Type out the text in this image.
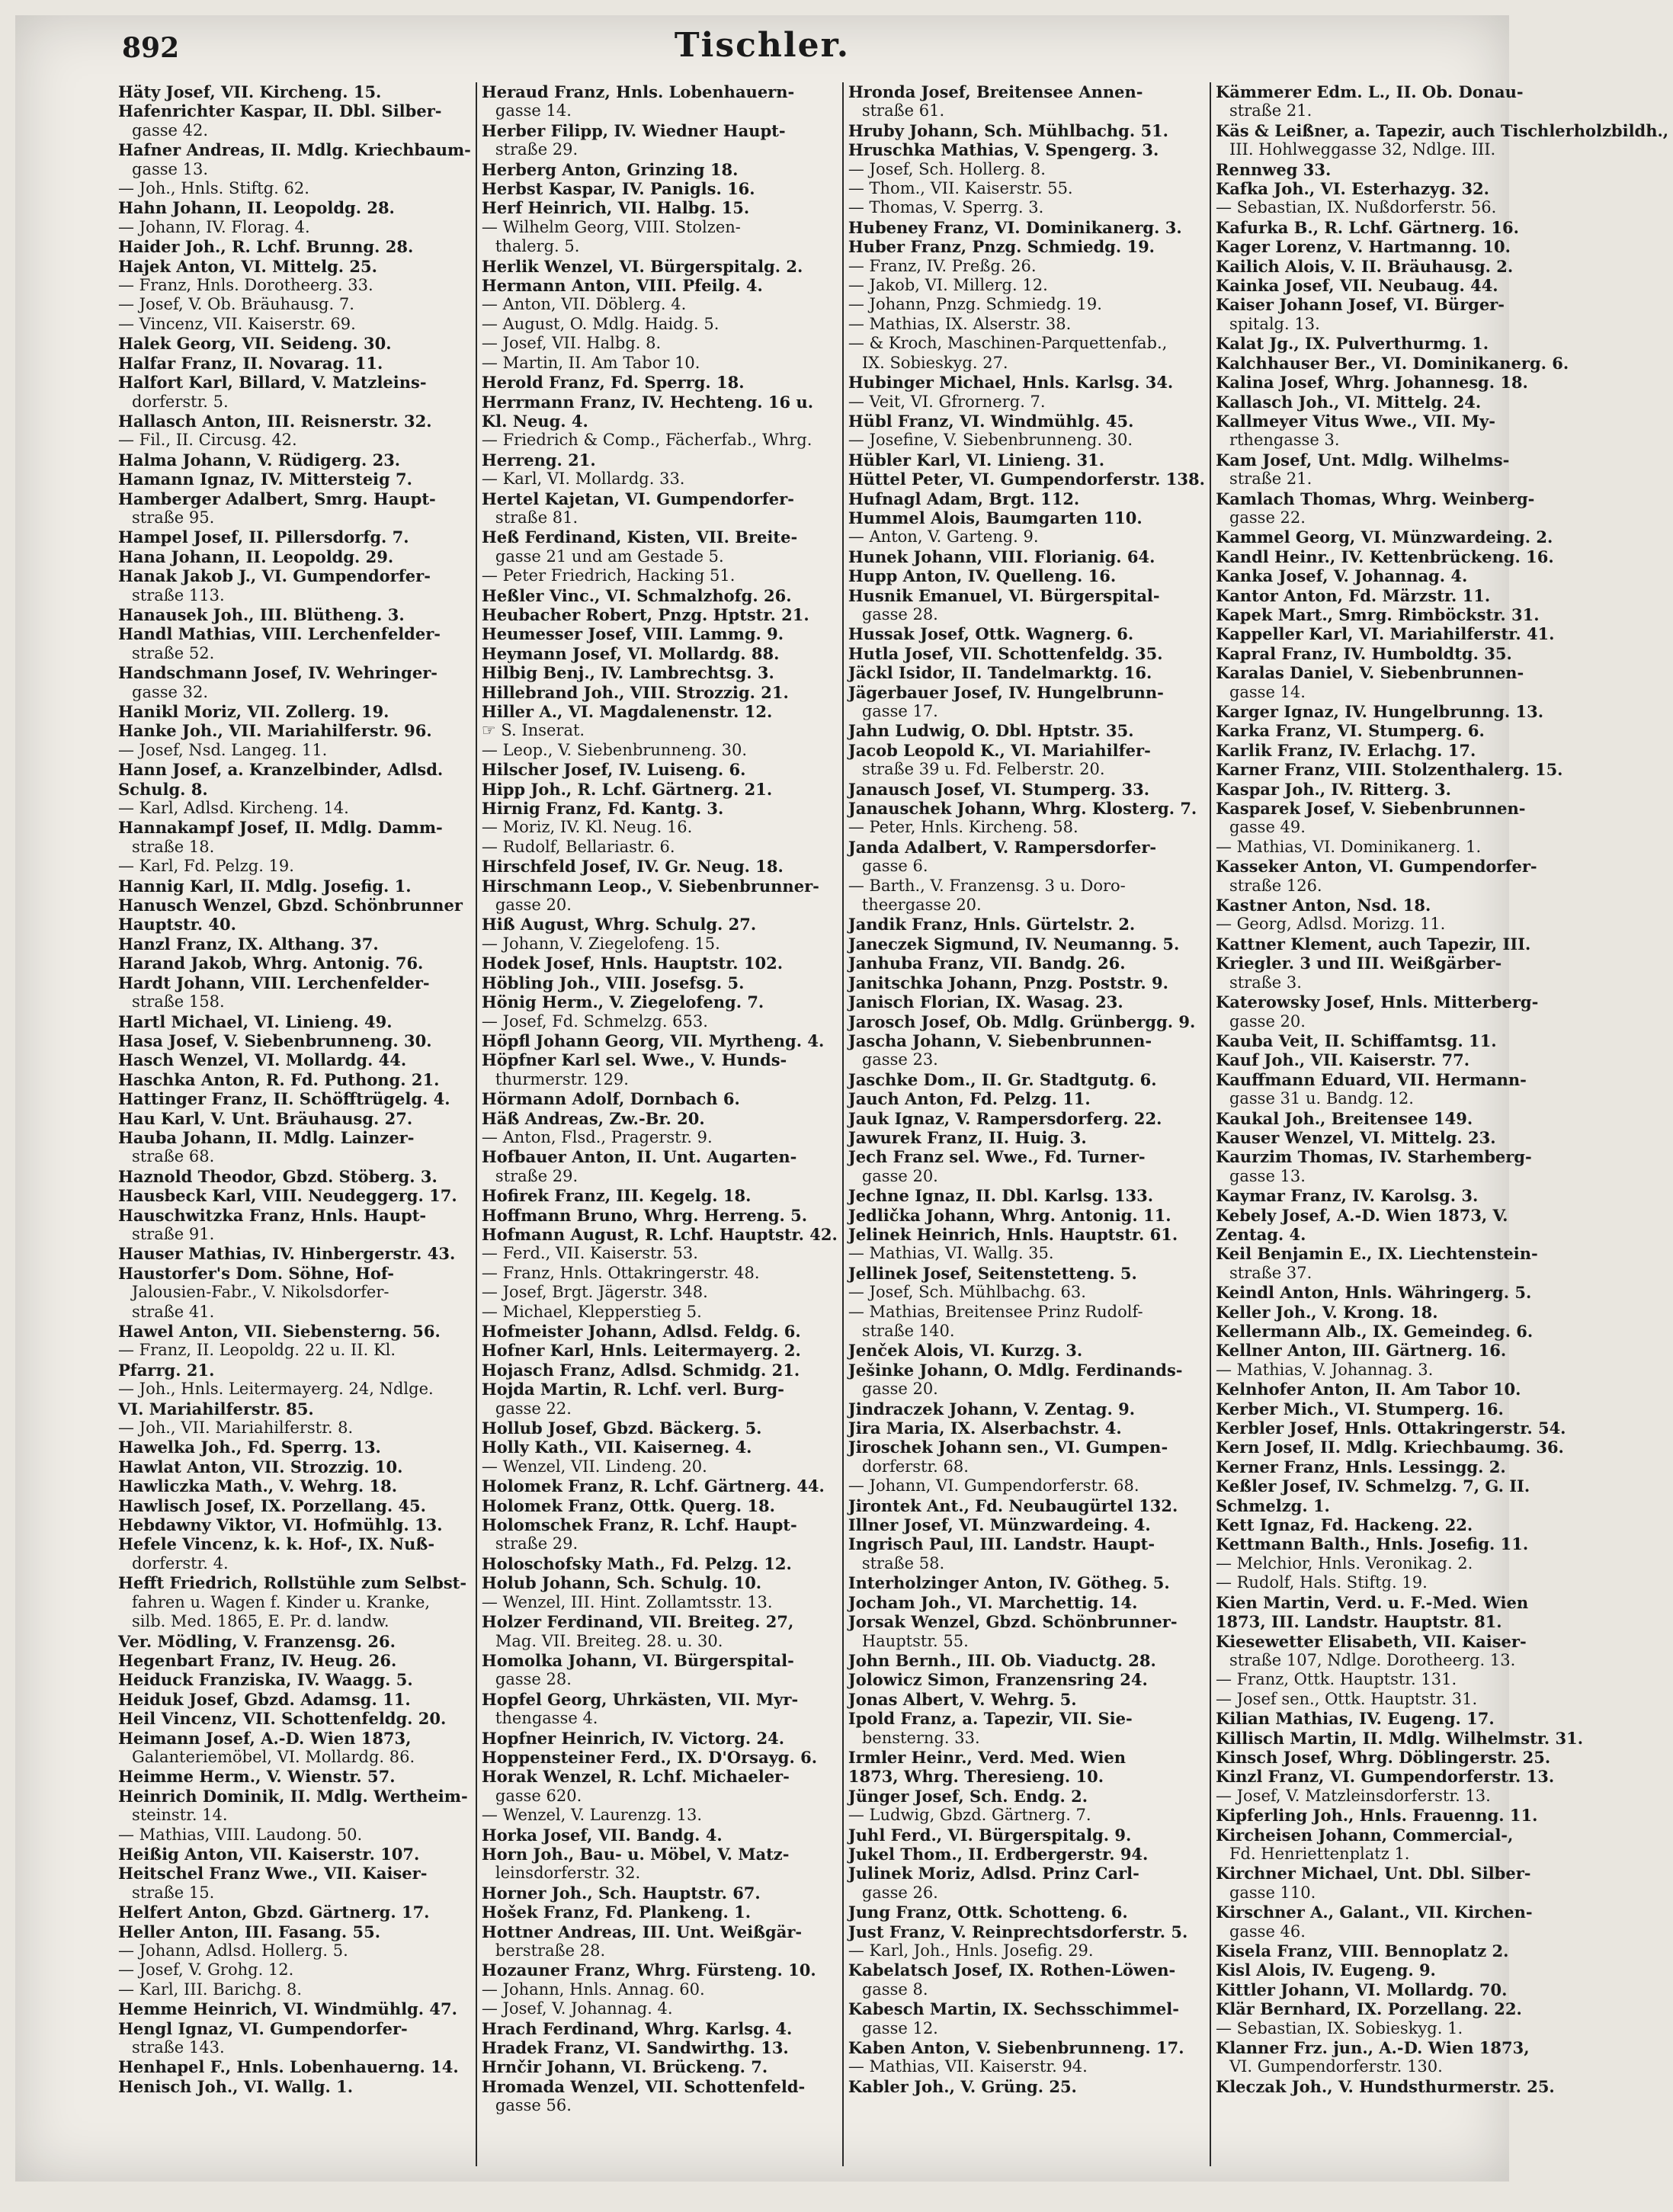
892	Tischler.
Häty Josef, VII. Kircheng. 15.
Hafenrichter Kaspar, II. Dbl. Silber-
gasse 42.
Hafner Andreas, II. Mdlg. Kriechbaum-
gasse 13.
— Joh., Hnls. Stiftg. 62.
Hahn Johann, II. Leopoldg. 28.
— Johann, IV. Florag. 4.
Haider Joh., R. Lchf. Brunng. 28.
Hajek Anton, VI. Mittelg. 25.
— Franz, Hnls. Dorotheerg. 33.
— Josef, V. Ob. Bräuhausg. 7.
— Vincenz, VII. Kaiserstr. 69.
Halek Georg, VII. Seideng. 30.
Halfar Franz, II. Novarag. 11.
Halfort Karl, Billard, V. Matzleins-
dorferstr. 5.
Hallasch Anton, III. Reisnerstr. 32.
— Fil., II. Circusg. 42.
Halma Johann, V. Rüdigerg. 23.
Hamann Ignaz, IV. Mittersteig 7.
Hamberger Adalbert, Smrg. Haupt-
straße 95.
Hampel Josef, II. Pillersdorfg. 7.
Hana Johann, II. Leopoldg. 29.
Hanak Jakob J., VI. Gumpendorfer-
straße 113.
Hanausek Joh., III. Blütheng. 3.
Handl Mathias, VIII. Lerchenfelder-
straße 52.
Handschmann Josef, IV. Wehringer-
gasse 32.
Hanikl Moriz, VII. Zollerg. 19.
Hanke Joh., VII. Mariahilferstr. 96.
— Josef, Nsd. Langeg. 11.
Hann Josef, a. Kranzelbinder, Adlsd.
Schulg. 8.
— Karl, Adlsd. Kircheng. 14.
Hannakampf Josef, II. Mdlg. Damm-
straße 18.
— Karl, Fd. Pelzg. 19.
Hannig Karl, II. Mdlg. Josefig. 1.
Hanusch Wenzel, Gbzd. Schönbrunner
Hauptstr. 40.
Hanzl Franz, IX. Althang. 37.
Harand Jakob, Whrg. Antonig. 76.
Hardt Johann, VIII. Lerchenfelder-
straße 158.
Hartl Michael, VI. Linieng. 49.
Hasa Josef, V. Siebenbrunneng. 30.
Hasch Wenzel, VI. Mollardg. 44.
Haschka Anton, R. Fd. Puthong. 21.
Hattinger Franz, II. Schöfftrügelg. 4.
Hau Karl, V. Unt. Bräuhausg. 27.
Hauba Johann, II. Mdlg. Lainzer-
straße 68.
Haznold Theodor, Gbzd. Stöberg. 3.
Hausbeck Karl, VIII. Neudeggerg. 17.
Hauschwitzka Franz, Hnls. Haupt-
straße 91.
Hauser Mathias, IV. Hinbergerstr. 43.
Haustorfer's Dom. Söhne, Hof-
Jalousien-Fabr., V. Nikolsdorfer-
straße 41.
Hawel Anton, VII. Siebensterng. 56.
— Franz, II. Leopoldg. 22 u. II. Kl.
Pfarrg. 21.
— Joh., Hnls. Leitermayerg. 24, Ndlge.
VI. Mariahilferstr. 85.
— Joh., VII. Mariahilferstr. 8.
Hawelka Joh., Fd. Sperrg. 13.
Hawlat Anton, VII. Strozzig. 10.
Hawliczka Math., V. Wehrg. 18.
Hawlisch Josef, IX. Porzellang. 45.
Hebdawny Viktor, VI. Hofmühlg. 13.
Hefele Vincenz, k. k. Hof-, IX. Nuß-
dorferstr. 4.
Hefft Friedrich, Rollstühle zum Selbst-
fahren u. Wagen f. Kinder u. Kranke,
silb. Med. 1865, E. Pr. d. landw.
Ver. Mödling, V. Franzensg. 26.
Hegenbart Franz, IV. Heug. 26.
Heiduck Franziska, IV. Waagg. 5.
Heiduk Josef, Gbzd. Adamsg. 11.
Heil Vincenz, VII. Schottenfeldg. 20.
Heimann Josef, A.-D. Wien 1873,
Galanteriemöbel, VI. Mollardg. 86.
Heimme Herm., V. Wienstr. 57.
Heinrich Dominik, II. Mdlg. Wertheim-
steinstr. 14.
— Mathias, VIII. Laudong. 50.
Heißig Anton, VII. Kaiserstr. 107.
Heitschel Franz Wwe., VII. Kaiser-
straße 15.
Helfert Anton, Gbzd. Gärtnerg. 17.
Heller Anton, III. Fasang. 55.
— Johann, Adlsd. Hollerg. 5.
— Josef, V. Grohg. 12.
— Karl, III. Barichg. 8.
Hemme Heinrich, VI. Windmühlg. 47.
Hengl Ignaz, VI. Gumpendorfer-
straße 143.
Henhapel F., Hnls. Lobenhauerng. 14.
Henisch Joh., VI. Wallg. 1.
Heraud Franz, Hnls. Lobenhauern-
gasse 14.
Herber Filipp, IV. Wiedner Haupt-
straße 29.
Herberg Anton, Grinzing 18.
Herbst Kaspar, IV. Panigls. 16.
Herf Heinrich, VII. Halbg. 15.
— Wilhelm Georg, VIII. Stolzen-
thalerg. 5.
Herlik Wenzel, VI. Bürgerspitalg. 2.
Hermann Anton, VIII. Pfeilg. 4.
— Anton, VII. Döblerg. 4.
— August, O. Mdlg. Haidg. 5.
— Josef, VII. Halbg. 8.
— Martin, II. Am Tabor 10.
Herold Franz, Fd. Sperrg. 18.
Herrmann Franz, IV. Hechteng. 16 u.
Kl. Neug. 4.
— Friedrich & Comp., Fächerfab., Whrg.
Herreng. 21.
— Karl, VI. Mollardg. 33.
Hertel Kajetan, VI. Gumpendorfer-
straße 81.
Heß Ferdinand, Kisten, VII. Breite-
gasse 21 und am Gestade 5.
— Peter Friedrich, Hacking 51.
Heßler Vinc., VI. Schmalzhofg. 26.
Heubacher Robert, Pnzg. Hptstr. 21.
Heumesser Josef, VIII. Lammg. 9.
Heymann Josef, VI. Mollardg. 88.
Hilbig Benj., IV. Lambrechtsg. 3.
Hillebrand Joh., VIII. Strozzig. 21.
Hiller A., VI. Magdalenenstr. 12.
☞ S. Inserat.
— Leop., V. Siebenbrunneng. 30.
Hilscher Josef, IV. Luiseng. 6.
Hipp Joh., R. Lchf. Gärtnerg. 21.
Hirnig Franz, Fd. Kantg. 3.
— Moriz, IV. Kl. Neug. 16.
— Rudolf, Bellariastr. 6.
Hirschfeld Josef, IV. Gr. Neug. 18.
Hirschmann Leop., V. Siebenbrunner-
gasse 20.
Hiß August, Whrg. Schulg. 27.
— Johann, V. Ziegelofeng. 15.
Hodek Josef, Hnls. Hauptstr. 102.
Höbling Joh., VIII. Josefsg. 5.
Hönig Herm., V. Ziegelofeng. 7.
— Josef, Fd. Schmelzg. 653.
Höpfl Johann Georg, VII. Myrtheng. 4.
Höpfner Karl sel. Wwe., V. Hunds-
thurmerstr. 129.
Hörmann Adolf, Dornbach 6.
Häß Andreas, Zw.-Br. 20.
— Anton, Flsd., Pragerstr. 9.
Hofbauer Anton, II. Unt. Augarten-
straße 29.
Hofirek Franz, III. Kegelg. 18.
Hoffmann Bruno, Whrg. Herreng. 5.
Hofmann August, R. Lchf. Hauptstr. 42.
— Ferd., VII. Kaiserstr. 53.
— Franz, Hnls. Ottakringerstr. 48.
— Josef, Brgt. Jägerstr. 348.
— Michael, Klepperstieg 5.
Hofmeister Johann, Adlsd. Feldg. 6.
Hofner Karl, Hnls. Leitermayerg. 2.
Hojasch Franz, Adlsd. Schmidg. 21.
Hojda Martin, R. Lchf. verl. Burg-
gasse 22.
Hollub Josef, Gbzd. Bäckerg. 5.
Holly Kath., VII. Kaiserneg. 4.
— Wenzel, VII. Lindeng. 20.
Holomek Franz, R. Lchf. Gärtnerg. 44.
Holomek Franz, Ottk. Querg. 18.
Holomschek Franz, R. Lchf. Haupt-
straße 29.
Holoschofsky Math., Fd. Pelzg. 12.
Holub Johann, Sch. Schulg. 10.
— Wenzel, III. Hint. Zollamtsstr. 13.
Holzer Ferdinand, VII. Breiteg. 27,
Mag. VII. Breiteg. 28. u. 30.
Homolka Johann, VI. Bürgerspital-
gasse 28.
Hopfel Georg, Uhrkästen, VII. Myr-
thengasse 4.
Hopfner Heinrich, IV. Victorg. 24.
Hoppensteiner Ferd., IX. D'Orsayg. 6.
Horak Wenzel, R. Lchf. Michaeler-
gasse 620.
— Wenzel, V. Laurenzg. 13.
Horka Josef, VII. Bandg. 4.
Horn Joh., Bau- u. Möbel, V. Matz-
leinsdorferstr. 32.
Horner Joh., Sch. Hauptstr. 67.
Hošek Franz, Fd. Plankeng. 1.
Hottner Andreas, III. Unt. Weißgär-
berstraße 28.
Hozauner Franz, Whrg. Fürsteng. 10.
— Johann, Hnls. Annag. 60.
— Josef, V. Johannag. 4.
Hrach Ferdinand, Whrg. Karlsg. 4.
Hradek Franz, VI. Sandwirthg. 13.
Hrnčir Johann, VI. Brückeng. 7.
Hromada Wenzel, VII. Schottenfeld-
gasse 56.
Hronda Josef, Breitensee Annen-
straße 61.
Hruby Johann, Sch. Mühlbachg. 51.
Hruschka Mathias, V. Spengerg. 3.
— Josef, Sch. Hollerg. 8.
— Thom., VII. Kaiserstr. 55.
— Thomas, V. Sperrg. 3.
Hubeney Franz, VI. Dominikanerg. 3.
Huber Franz, Pnzg. Schmiedg. 19.
— Franz, IV. Preßg. 26.
— Jakob, VI. Millerg. 12.
— Johann, Pnzg. Schmiedg. 19.
— Mathias, IX. Alserstr. 38.
— & Kroch, Maschinen-Parquettenfab.,
IX. Sobieskyg. 27.
Hubinger Michael, Hnls. Karlsg. 34.
— Veit, VI. Gfrornerg. 7.
Hübl Franz, VI. Windmühlg. 45.
— Josefine, V. Siebenbrunneng. 30.
Hübler Karl, VI. Linieng. 31.
Hüttel Peter, VI. Gumpendorferstr. 138.
Hufnagl Adam, Brgt. 112.
Hummel Alois, Baumgarten 110.
— Anton, V. Garteng. 9.
Hunek Johann, VIII. Florianig. 64.
Hupp Anton, IV. Quelleng. 16.
Husnik Emanuel, VI. Bürgerspital-
gasse 28.
Hussak Josef, Ottk. Wagnerg. 6.
Hutla Josef, VII. Schottenfeldg. 35.
Jäckl Isidor, II. Tandelmarktg. 16.
Jägerbauer Josef, IV. Hungelbrunn-
gasse 17.
Jahn Ludwig, O. Dbl. Hptstr. 35.
Jacob Leopold K., VI. Mariahilfer-
straße 39 u. Fd. Felberstr. 20.
Janausch Josef, VI. Stumperg. 33.
Janauschek Johann, Whrg. Klosterg. 7.
— Peter, Hnls. Kircheng. 58.
Janda Adalbert, V. Rampersdorfer-
gasse 6.
— Barth., V. Franzensg. 3 u. Doro-
theergasse 20.
Jandik Franz, Hnls. Gürtelstr. 2.
Janeczek Sigmund, IV. Neumanng. 5.
Janhuba Franz, VII. Bandg. 26.
Janitschka Johann, Pnzg. Poststr. 9.
Janisch Florian, IX. Wasag. 23.
Jarosch Josef, Ob. Mdlg. Grünbergg. 9.
Jascha Johann, V. Siebenbrunnen-
gasse 23.
Jaschke Dom., II. Gr. Stadtgutg. 6.
Jauch Anton, Fd. Pelzg. 11.
Jauk Ignaz, V. Rampersdorferg. 22.
Jawurek Franz, II. Huig. 3.
Jech Franz sel. Wwe., Fd. Turner-
gasse 20.
Jechne Ignaz, II. Dbl. Karlsg. 133.
Jedlička Johann, Whrg. Antonig. 11.
Jelinek Heinrich, Hnls. Hauptstr. 61.
— Mathias, VI. Wallg. 35.
Jellinek Josef, Seitenstetteng. 5.
— Josef, Sch. Mühlbachg. 63.
— Mathias, Breitensee Prinz Rudolf-
straße 140.
Jenček Alois, VI. Kurzg. 3.
Ješinke Johann, O. Mdlg. Ferdinands-
gasse 20.
Jindraczek Johann, V. Zentag. 9.
Jira Maria, IX. Alserbachstr. 4.
Jiroschek Johann sen., VI. Gumpen-
dorferstr. 68.
— Johann, VI. Gumpendorferstr. 68.
Jirontek Ant., Fd. Neubaugürtel 132.
Illner Josef, VI. Münzwardeing. 4.
Ingrisch Paul, III. Landstr. Haupt-
straße 58.
Interholzinger Anton, IV. Götheg. 5.
Jocham Joh., VI. Marchettig. 14.
Jorsak Wenzel, Gbzd. Schönbrunner-
Hauptstr. 55.
John Bernh., III. Ob. Viaductg. 28.
Jolowicz Simon, Franzensring 24.
Jonas Albert, V. Wehrg. 5.
Ipold Franz, a. Tapezir, VII. Sie-
bensterng. 33.
Irmler Heinr., Verd. Med. Wien
1873, Whrg. Theresieng. 10.
Jünger Josef, Sch. Endg. 2.
— Ludwig, Gbzd. Gärtnerg. 7.
Juhl Ferd., VI. Bürgerspitalg. 9.
Jukel Thom., II. Erdbergerstr. 94.
Julinek Moriz, Adlsd. Prinz Carl-
gasse 26.
Jung Franz, Ottk. Schotteng. 6.
Just Franz, V. Reinprechtsdorferstr. 5.
— Karl, Joh., Hnls. Josefig. 29.
Kabelatsch Josef, IX. Rothen-Löwen-
gasse 8.
Kabesch Martin, IX. Sechsschimmel-
gasse 12.
Kaben Anton, V. Siebenbrunneng. 17.
— Mathias, VII. Kaiserstr. 94.
Kabler Joh., V. Grüng. 25.
Kämmerer Edm. L., II. Ob. Donau-
straße 21.
Käs & Leißner, a. Tapezir, auch Tischlerholzbildh.,
III. Hohlweggasse 32, Ndlge. III.
Rennweg 33.
Kafka Joh., VI. Esterhazyg. 32.
— Sebastian, IX. Nußdorferstr. 56.
Kafurka B., R. Lchf. Gärtnerg. 16.
Kager Lorenz, V. Hartmanng. 10.
Kailich Alois, V. II. Bräuhausg. 2.
Kainka Josef, VII. Neubaug. 44.
Kaiser Johann Josef, VI. Bürger-
spitalg. 13.
Kalat Jg., IX. Pulverthurmg. 1.
Kalchhauser Ber., VI. Dominikanerg. 6.
Kalina Josef, Whrg. Johannesg. 18.
Kallasch Joh., VI. Mittelg. 24.
Kallmeyer Vitus Wwe., VII. My-
rthengasse 3.
Kam Josef, Unt. Mdlg. Wilhelms-
straße 21.
Kamlach Thomas, Whrg. Weinberg-
gasse 22.
Kammel Georg, VI. Münzwardeing. 2.
Kandl Heinr., IV. Kettenbrückeng. 16.
Kanka Josef, V. Johannag. 4.
Kantor Anton, Fd. Märzstr. 11.
Kapek Mart., Smrg. Rimböckstr. 31.
Kappeller Karl, VI. Mariahilferstr. 41.
Kapral Franz, IV. Humboldtg. 35.
Karalas Daniel, V. Siebenbrunnen-
gasse 14.
Karger Ignaz, IV. Hungelbrunng. 13.
Karka Franz, VI. Stumperg. 6.
Karlik Franz, IV. Erlachg. 17.
Karner Franz, VIII. Stolzenthalerg. 15.
Kaspar Joh., IV. Ritterg. 3.
Kasparek Josef, V. Siebenbrunnen-
gasse 49.
— Mathias, VI. Dominikanerg. 1.
Kasseker Anton, VI. Gumpendorfer-
straße 126.
Kastner Anton, Nsd. 18.
— Georg, Adlsd. Morizg. 11.
Kattner Klement, auch Tapezir, III.
Kriegler. 3 und III. Weißgärber-
straße 3.
Katerowsky Josef, Hnls. Mitterberg-
gasse 20.
Kauba Veit, II. Schiffamtsg. 11.
Kauf Joh., VII. Kaiserstr. 77.
Kauffmann Eduard, VII. Hermann-
gasse 31 u. Bandg. 12.
Kaukal Joh., Breitensee 149.
Kauser Wenzel, VI. Mittelg. 23.
Kaurzim Thomas, IV. Starhemberg-
gasse 13.
Kaymar Franz, IV. Karolsg. 3.
Kebely Josef, A.-D. Wien 1873, V.
Zentag. 4.
Keil Benjamin E., IX. Liechtenstein-
straße 37.
Keindl Anton, Hnls. Währingerg. 5.
Keller Joh., V. Krong. 18.
Kellermann Alb., IX. Gemeindeg. 6.
Kellner Anton, III. Gärtnerg. 16.
— Mathias, V. Johannag. 3.
Kelnhofer Anton, II. Am Tabor 10.
Kerber Mich., VI. Stumperg. 16.
Kerbler Josef, Hnls. Ottakringerstr. 54.
Kern Josef, II. Mdlg. Kriechbaumg. 36.
Kerner Franz, Hnls. Lessingg. 2.
Keßler Josef, IV. Schmelzg. 7, G. II.
Schmelzg. 1.
Kett Ignaz, Fd. Hackeng. 22.
Kettmann Balth., Hnls. Josefig. 11.
— Melchior, Hnls. Veronikag. 2.
— Rudolf, Hals. Stiftg. 19.
Kien Martin, Verd. u. F.-Med. Wien
1873, III. Landstr. Hauptstr. 81.
Kiesewetter Elisabeth, VII. Kaiser-
straße 107, Ndlge. Dorotheerg. 13.
— Franz, Ottk. Hauptstr. 131.
— Josef sen., Ottk. Hauptstr. 31.
Kilian Mathias, IV. Eugeng. 17.
Killisch Martin, II. Mdlg. Wilhelmstr. 31.
Kinsch Josef, Whrg. Döblingerstr. 25.
Kinzl Franz, VI. Gumpendorferstr. 13.
— Josef, V. Matzleinsdorferstr. 13.
Kipferling Joh., Hnls. Frauenng. 11.
Kircheisen Johann, Commercial-,
Fd. Henriettenplatz 1.
Kirchner Michael, Unt. Dbl. Silber-
gasse 110.
Kirschner A., Galant., VII. Kirchen-
gasse 46.
Kisela Franz, VIII. Bennoplatz 2.
Kisl Alois, IV. Eugeng. 9.
Kittler Johann, VI. Mollardg. 70.
Klär Bernhard, IX. Porzellang. 22.
— Sebastian, IX. Sobieskyg. 1.
Klanner Frz. jun., A.-D. Wien 1873,
VI. Gumpendorferstr. 130.
Kleczak Joh., V. Hundsthurmerstr. 25.
